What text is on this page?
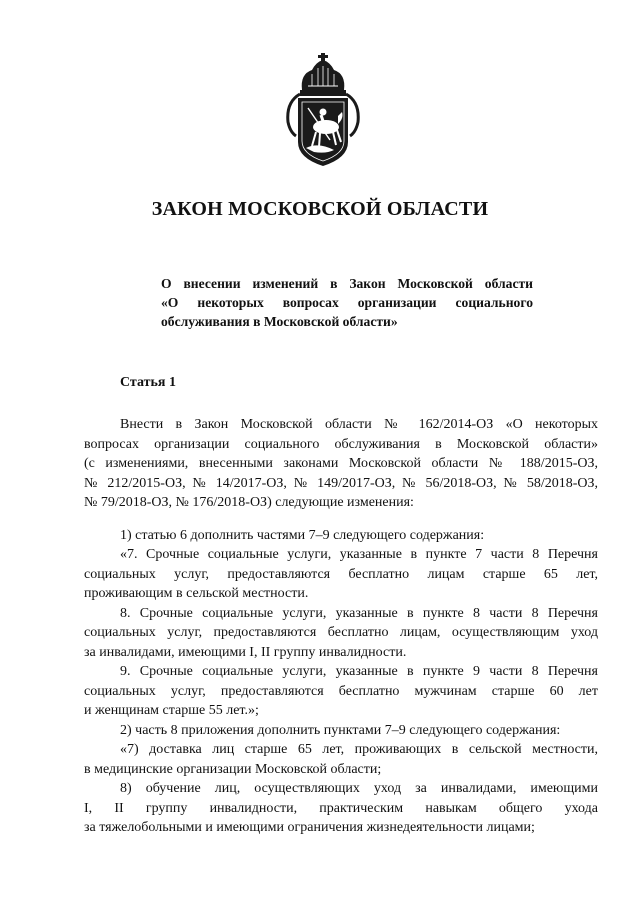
ЗАКОН МОСКОВСКОЙ ОБЛАСТИ
О внесении изменений в Закон Московской области
«О некоторых вопросах организации социального
обслуживания в Московской области»
Статья 1

Внести в Закон Московской области № 162/2014-ОЗ «О некоторых
вопросах организации социального обслуживания в Московской области»
(с изменениями, внесенными законами Московской области № 188/2015-ОЗ,
№ 212/2015-ОЗ, № 14/2017-ОЗ, № 149/2017-ОЗ, № 56/2018-ОЗ, № 58/2018-ОЗ,
№ 79/2018-ОЗ, № 176/2018-ОЗ) следующие изменения:

1) статью 6 дополнить частями 7–9 следующего содержания:

«7. Срочные социальные услуги, указанные в пункте 7 части 8 Перечня
социальных услуг, предоставляются бесплатно лицам старше 65 лет,
проживающим в сельской местности.

8. Срочные социальные услуги, указанные в пункте 8 части 8 Перечня
социальных услуг, предоставляются бесплатно лицам, осуществляющим уход
за инвалидами, имеющими I, II группу инвалидности.

9. Срочные социальные услуги, указанные в пункте 9 части 8 Перечня
социальных услуг, предоставляются бесплатно мужчинам старше 60 лет
и женщинам старше 55 лет.»;

2) часть 8 приложения дополнить пунктами 7–9 следующего содержания:

«7) доставка лиц старше 65 лет, проживающих в сельской местности,
в медицинские организации Московской области;

8) обучение лиц, осуществляющих уход за инвалидами, имеющими
I, II группу инвалидности, практическим навыкам общего ухода
за тяжелобольными и имеющими ограничения жизнедеятельности лицами;
